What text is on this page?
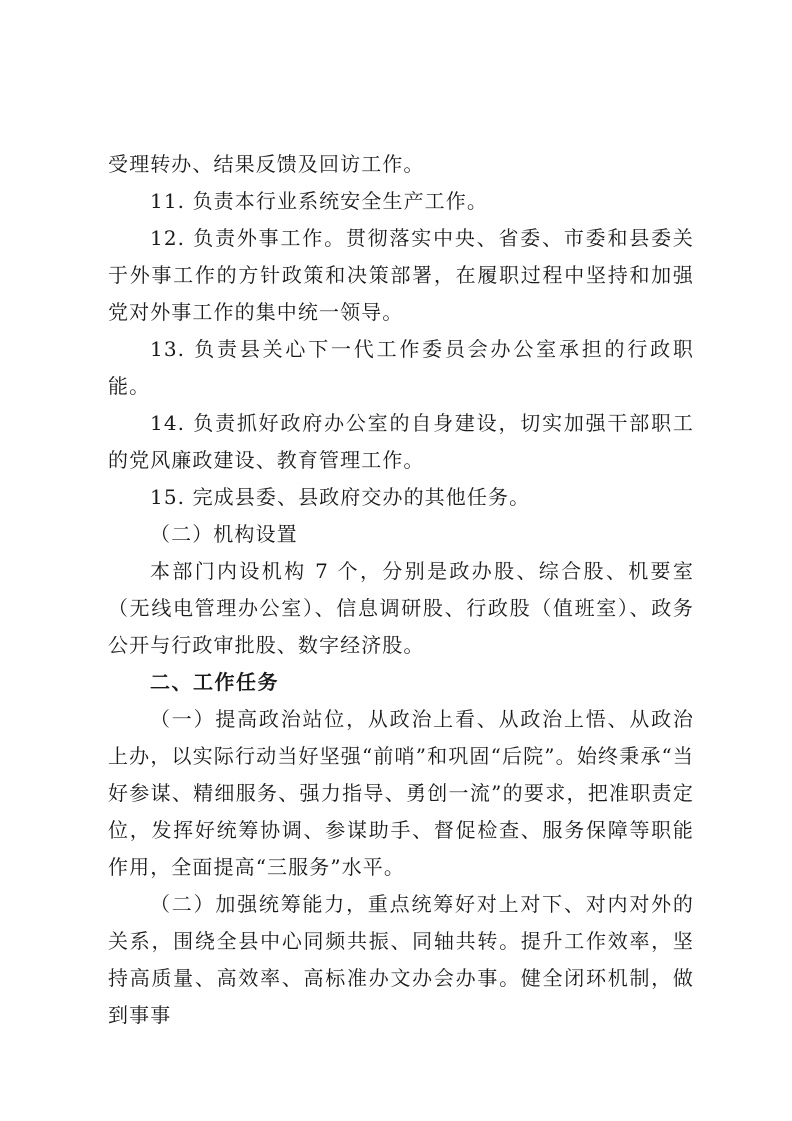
受理转办、结果反馈及回访工作。

11. 负责本行业系统安全生产工作。

12. 负责外事工作。贯彻落实中央、省委、市委和县委关于外事工作的方针政策和决策部署，在履职过程中坚持和加强党对外事工作的集中统一领导。

13. 负责县关心下一代工作委员会办公室承担的行政职能。

14. 负责抓好政府办公室的自身建设，切实加强干部职工的党风廉政建设、教育管理工作。

15. 完成县委、县政府交办的其他任务。

（二）机构设置

本部门内设机构 7 个，分别是政办股、综合股、机要室（无线电管理办公室）、信息调研股、行政股（值班室）、政务公开与行政审批股、数字经济股。

二、工作任务

（一）提高政治站位，从政治上看、从政治上悟、从政治上办，以实际行动当好坚强“前哨”和巩固“后院”。始终秉承“当好参谋、精细服务、强力指导、勇创一流”的要求，把准职责定位，发挥好统筹协调、参谋助手、督促检查、服务保障等职能作用，全面提高“三服务”水平。

（二）加强统筹能力，重点统筹好对上对下、对内对外的关系，围绕全县中心同频共振、同轴共转。提升工作效率，坚持高质量、高效率、高标准办文办会办事。健全闭环机制，做到事事
